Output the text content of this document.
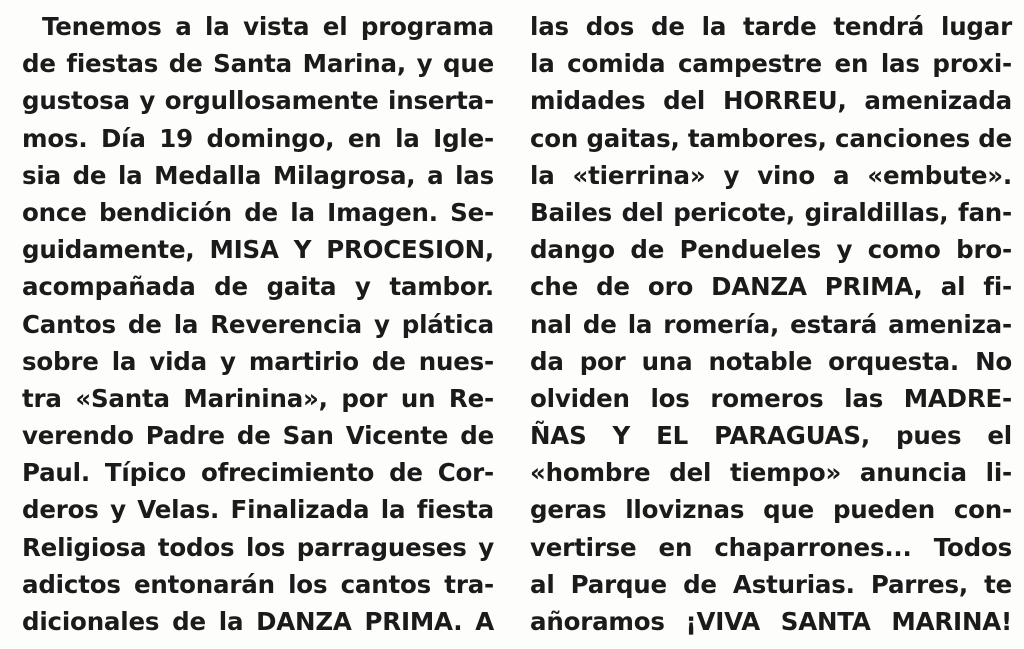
Tenemos a la vista el programa
de fiestas de Santa Marina, y que
gustosa y orgullosamente inserta-
mos. Día 19 domingo, en la Igle-
sia de la Medalla Milagrosa, a las
once bendición de la Imagen. Se-
guidamente, MISA Y PROCESION,
acompañada de gaita y tambor.
Cantos de la Reverencia y plática
sobre la vida y martirio de nues-
tra «Santa Marinina», por un Re-
verendo Padre de San Vicente de
Paul. Típico ofrecimiento de Cor-
deros y Velas. Finalizada la fiesta
Religiosa todos los parragueses y
adictos entonarán los cantos tra-
dicionales de la DANZA PRIMA. A
las dos de la tarde tendrá lugar
la comida campestre en las proxi-
midades del HORREU, amenizada
con gaitas, tambores, canciones de
la «tierrina» y vino a «embute».
Bailes del pericote, giraldillas, fan-
dango de Pendueles y como bro-
che de oro DANZA PRIMA, al fi-
nal de la romería, estará ameniza-
da por una notable orquesta. No
olviden los romeros las MADRE-
ÑAS Y EL PARAGUAS, pues el
«hombre del tiempo» anuncia li-
geras lloviznas que pueden con-
vertirse en chaparrones... Todos
al Parque de Asturias. Parres, te
añoramos ¡VIVA SANTA MARINA!
